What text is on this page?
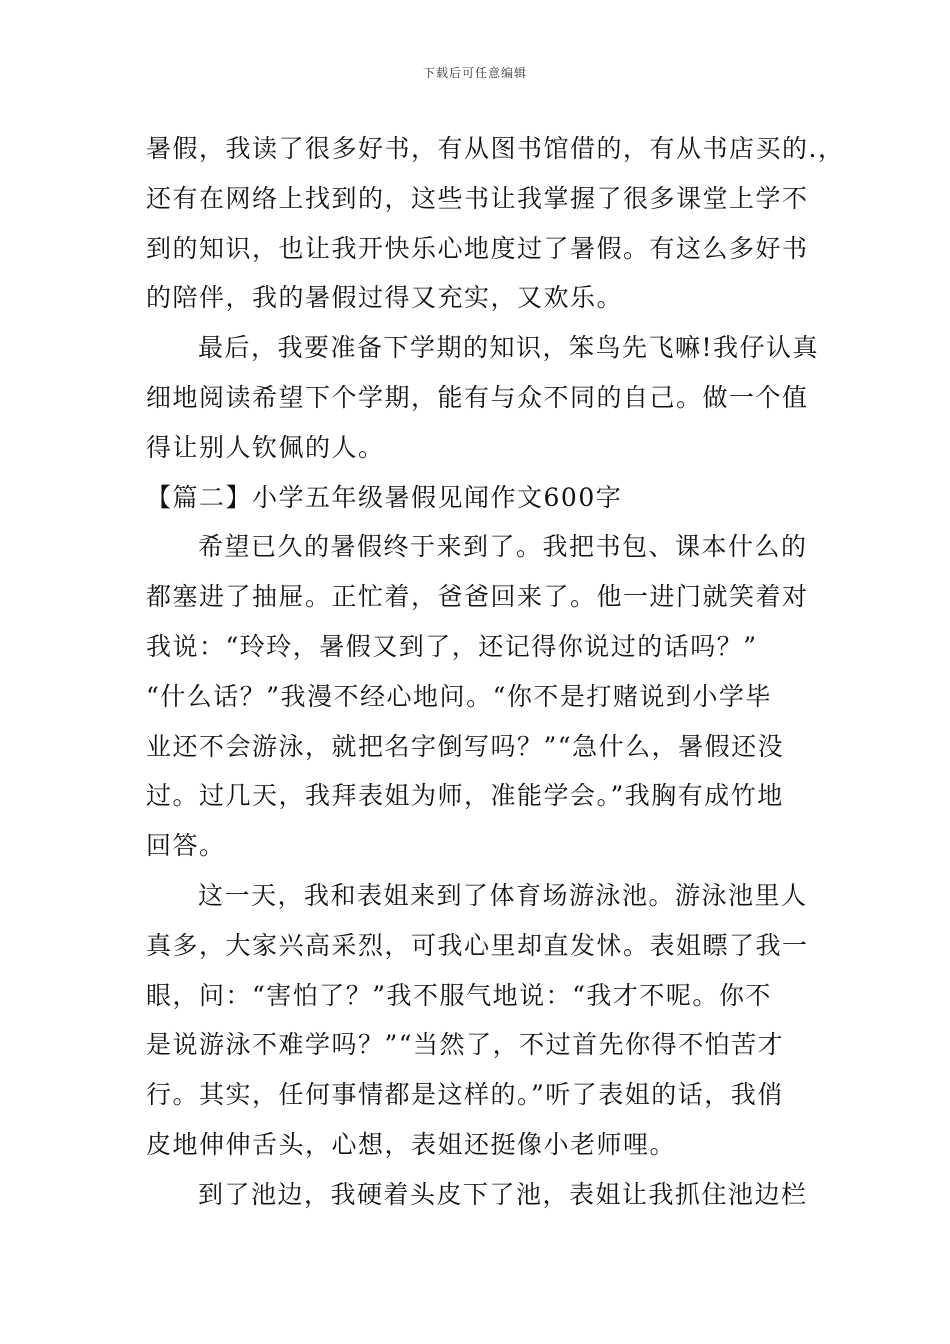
下载后可任意编辑
暑假，我读了很多好书，有从图书馆借的，有从书店买的.，
还有在网络上找到的，这些书让我掌握了很多课堂上学不
到的知识，也让我开快乐心地度过了暑假。有这么多好书
的陪伴，我的暑假过得又充实，又欢乐。
最后，我要准备下学期的知识，笨鸟先飞嘛!我仔认真
细地阅读希望下个学期，能有与众不同的自己。做一个值
得让别人钦佩的人。
【篇二】小学五年级暑假见闻作文600字
希望已久的暑假终于来到了。我把书包、课本什么的
都塞进了抽屉。正忙着，爸爸回来了。他一进门就笑着对
我说：“玲玲，暑假又到了，还记得你说过的话吗？”
“什么话？”我漫不经心地问。“你不是打赌说到小学毕
业还不会游泳，就把名字倒写吗？”“急什么，暑假还没
过。过几天，我拜表姐为师，准能学会。”我胸有成竹地
回答。
这一天，我和表姐来到了体育场游泳池。游泳池里人
真多，大家兴高采烈，可我心里却直发怵。表姐瞟了我一
眼，问：“害怕了？”我不服气地说：“我才不呢。你不
是说游泳不难学吗？”“当然了，不过首先你得不怕苦才
行。其实，任何事情都是这样的。”听了表姐的话，我俏
皮地伸伸舌头，心想，表姐还挺像小老师哩。
到了池边，我硬着头皮下了池，表姐让我抓住池边栏
